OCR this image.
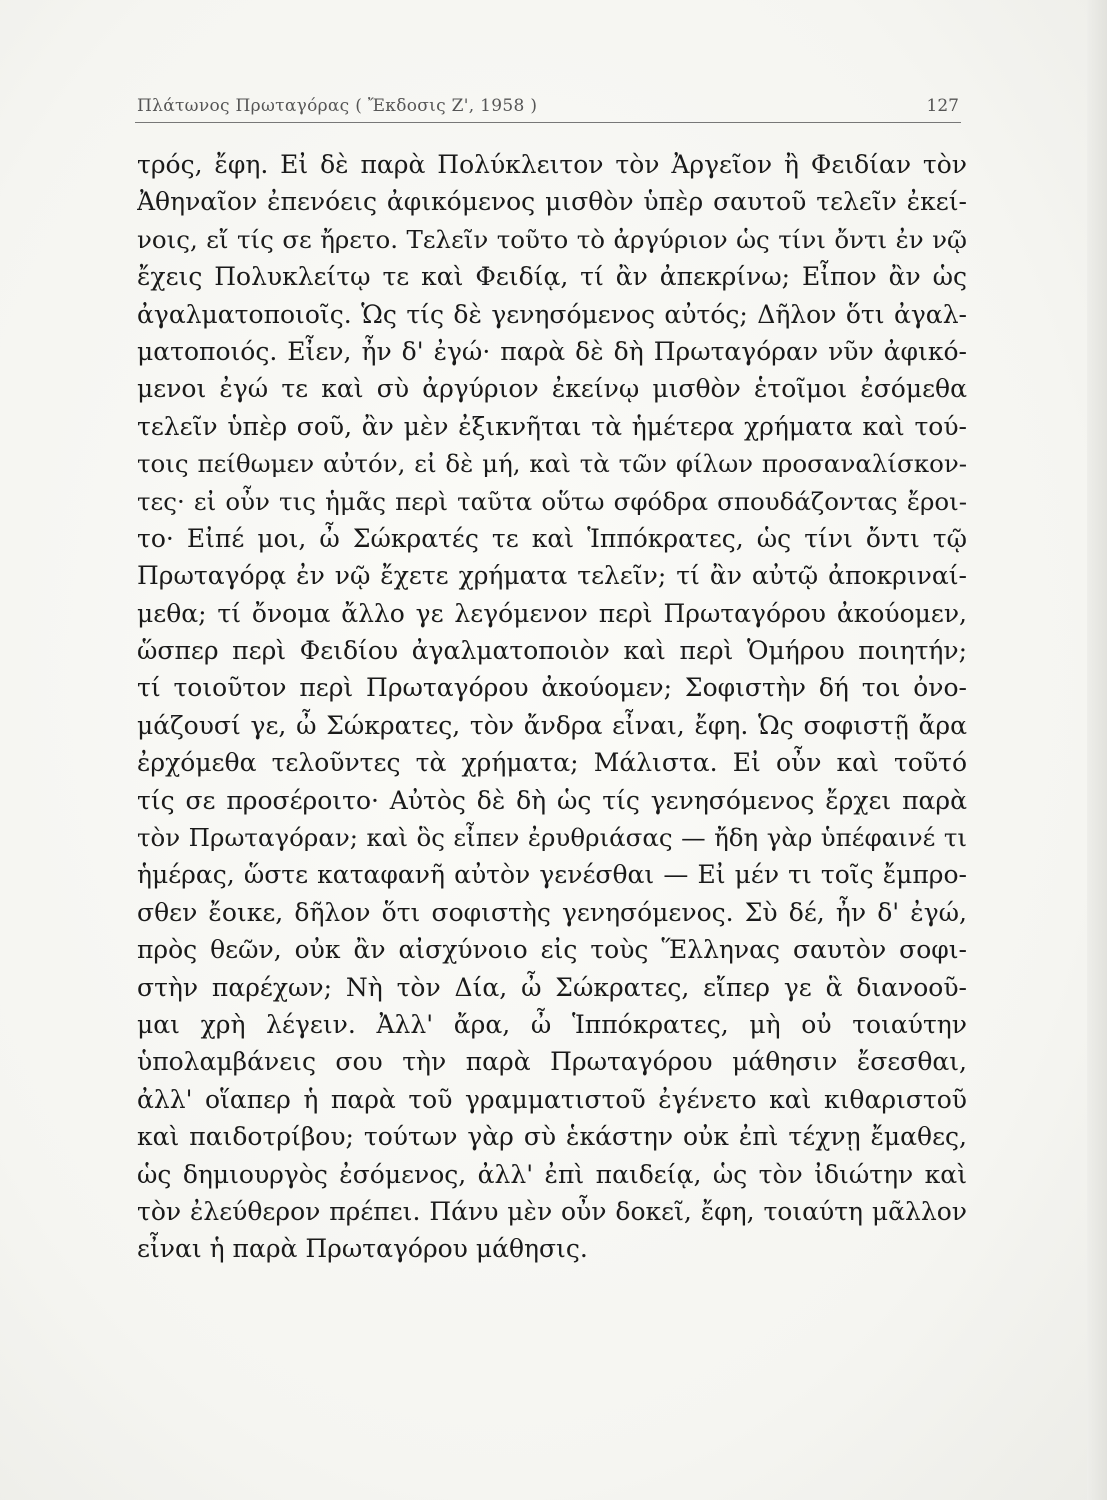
Πλάτωνος Πρωταγόρας ( Ἔκδοσις Ζ', 1958 )	127
τρός, ἔφη. Εἰ δὲ παρὰ Πολύκλειτον τὸν Ἀργεῖον ἢ Φειδίαν τὸν
Ἀθηναῖον ἐπενόεις ἀφικόμενος μισθὸν ὑπὲρ σαυτοῦ τελεῖν ἐκεί-
νοις, εἴ τίς σε ἤρετο. Τελεῖν τοῦτο τὸ ἀργύριον ὡς τίνι ὄντι ἐν νῷ
ἔχεις Πολυκλείτῳ τε καὶ Φειδίᾳ, τί ἂν ἀπεκρίνω; Εἶπον ἂν ὡς
ἀγαλματοποιοῖς. Ὡς τίς δὲ γενησόμενος αὐτός; Δῆλον ὅτι ἀγαλ-
ματοποιός. Εἶεν, ἦν δ' ἐγώ· παρὰ δὲ δὴ Πρωταγόραν νῦν ἀφικό-
μενοι ἐγώ τε καὶ σὺ ἀργύριον ἐκείνῳ μισθὸν ἑτοῖμοι ἐσόμεθα
τελεῖν ὑπὲρ σοῦ, ἂν μὲν ἐξικνῆται τὰ ἡμέτερα χρήματα καὶ τού-
τοις πείθωμεν αὐτόν, εἰ δὲ μή, καὶ τὰ τῶν φίλων προσαναλίσκον-
τες· εἰ οὖν τις ἡμᾶς περὶ ταῦτα οὕτω σφόδρα σπουδάζοντας ἔροι-
το· Εἰπέ μοι, ὦ Σώκρατές τε καὶ Ἱππόκρατες, ὡς τίνι ὄντι τῷ
Πρωταγόρᾳ ἐν νῷ ἔχετε χρήματα τελεῖν; τί ἂν αὐτῷ ἀποκριναί-
μεθα; τί ὄνομα ἄλλο γε λεγόμενον περὶ Πρωταγόρου ἀκούομεν,
ὥσπερ περὶ Φειδίου ἀγαλματοποιὸν καὶ περὶ Ὁμήρου ποιητήν;
τί τοιοῦτον περὶ Πρωταγόρου ἀκούομεν; Σοφιστὴν δή τοι ὀνο-
μάζουσί γε, ὦ Σώκρατες, τὸν ἄνδρα εἶναι, ἔφη. Ὡς σοφιστῇ ἄρα
ἐρχόμεθα τελοῦντες τὰ χρήματα; Μάλιστα. Εἰ οὖν καὶ τοῦτό
τίς σε προσέροιτο· Αὐτὸς δὲ δὴ ὡς τίς γενησόμενος ἔρχει παρὰ
τὸν Πρωταγόραν; καὶ ὃς εἶπεν ἐρυθριάσας — ἤδη γὰρ ὑπέφαινέ τι
ἡμέρας, ὥστε καταφανῆ αὐτὸν γενέσθαι — Εἰ μέν τι τοῖς ἔμπρο-
σθεν ἔοικε, δῆλον ὅτι σοφιστὴς γενησόμενος. Σὺ δέ, ἦν δ' ἐγώ,
πρὸς θεῶν, οὐκ ἂν αἰσχύνοιο εἰς τοὺς Ἕλληνας σαυτὸν σοφι-
στὴν παρέχων; Νὴ τὸν Δία, ὦ Σώκρατες, εἴπερ γε ἃ διανοοῦ-
μαι χρὴ λέγειν. Ἀλλ' ἄρα, ὦ Ἱππόκρατες, μὴ οὐ τοιαύτην
ὑπολαμβάνεις σου τὴν παρὰ Πρωταγόρου μάθησιν ἔσεσθαι,
ἀλλ' οἵαπερ ἡ παρὰ τοῦ γραμματιστοῦ ἐγένετο καὶ κιθαριστοῦ
καὶ παιδοτρίβου; τούτων γὰρ σὺ ἑκάστην οὐκ ἐπὶ τέχνῃ ἔμαθες,
ὡς δημιουργὸς ἐσόμενος, ἀλλ' ἐπὶ παιδείᾳ, ὡς τὸν ἰδιώτην καὶ
τὸν ἐλεύθερον πρέπει. Πάνυ μὲν οὖν δοκεῖ, ἔφη, τοιαύτη μᾶλλον
εἶναι ἡ παρὰ Πρωταγόρου μάθησις.
